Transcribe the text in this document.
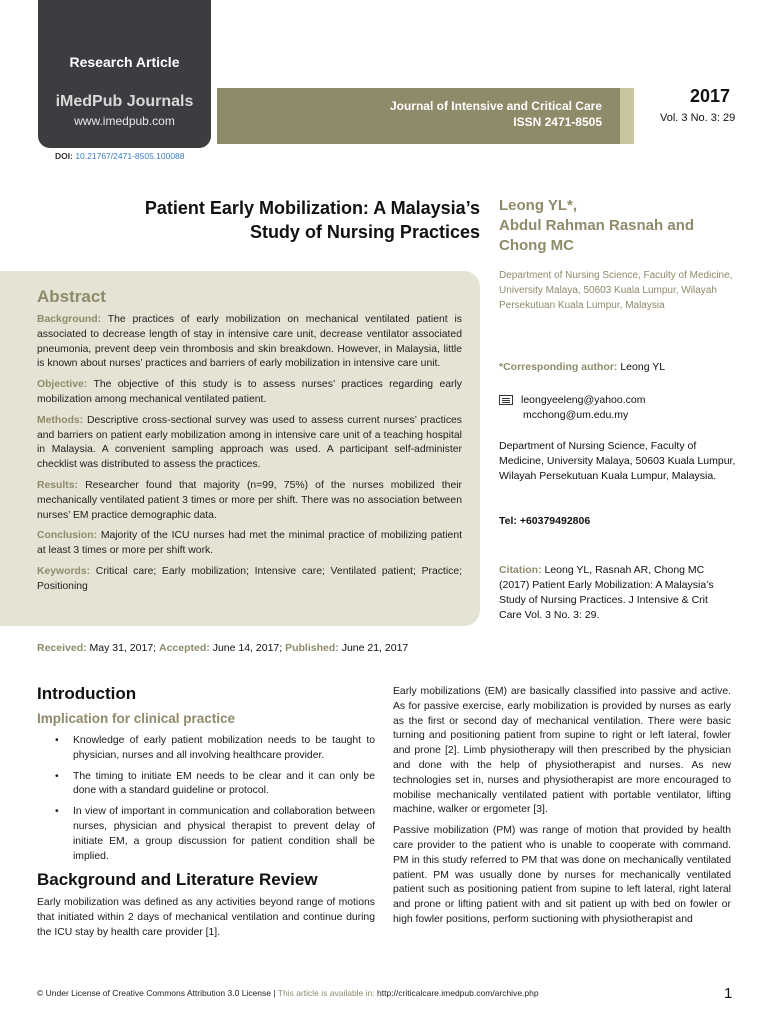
Research Article
iMedPub Journals
www.imedpub.com
DOI: 10.21767/2471-8505.100088
Journal of Intensive and Critical Care
ISSN 2471-8505
2017
Vol. 3 No. 3: 29
Patient Early Mobilization: A Malaysia’s
Study of Nursing Practices
Leong YL*,
Abdul Rahman Rasnah and
Chong MC
Department of Nursing Science, Faculty of Medicine, University Malaya, 50603 Kuala Lumpur, Wilayah Persekutuan Kuala Lumpur, Malaysia
*Corresponding author: Leong YL
leongyeeleng@yahoo.com
mcchong@um.edu.my
Department of Nursing Science, Faculty of Medicine, University Malaya, 50603 Kuala Lumpur, Wilayah Persekutuan Kuala Lumpur, Malaysia.
Tel: +60379492806
Citation: Leong YL, Rasnah AR, Chong MC (2017) Patient Early Mobilization: A Malaysia’s Study of Nursing Practices. J Intensive & Crit Care Vol. 3 No. 3: 29.
Abstract

Background: The practices of early mobilization on mechanical ventilated patient is associated to decrease length of stay in intensive care unit, decrease ventilator associated pneumonia, prevent deep vein thrombosis and skin breakdown. However, in Malaysia, little is known about nurses’ practices and barriers of early mobilization in intensive care unit.

Objective: The objective of this study is to assess nurses’ practices regarding early mobilization among mechanical ventilated patient.

Methods: Descriptive cross-sectional survey was used to assess current nurses’ practices and barriers on patient early mobilization among in intensive care unit of a teaching hospital in Malaysia. A convenient sampling approach was used. A participant self-administer checklist was distributed to assess the practices.

Results: Researcher found that majority (n=99, 75%) of the nurses mobilized their mechanically ventilated patient 3 times or more per shift. There was no association between nurses’ EM practice demographic data.

Conclusion: Majority of the ICU nurses had met the minimal practice of mobilizing patient at least 3 times or more per shift work.

Keywords: Critical care; Early mobilization; Intensive care; Ventilated patient; Practice; Positioning

Received: May 31, 2017; Accepted: June 14, 2017; Published: June 21, 2017
Introduction
Implication for clinical practice
• Knowledge of early patient mobilization needs to be taught to physician, nurses and all involving healthcare provider.
• The timing to initiate EM needs to be clear and it can only be done with a standard guideline or protocol.
• In view of important in communication and collaboration between nurses, physician and physical therapist to prevent delay of initiate EM, a group discussion for patient condition shall be implied.
Background and Literature Review

Early mobilization was defined as any activities beyond range of motions that initiated within 2 days of mechanical ventilation and continue during the ICU stay by health care provider [1].

Early mobilizations (EM) are basically classified into passive and active. As for passive exercise, early mobilization is provided by nurses as early as the first or second day of mechanical ventilation. There were basic turning and positioning patient from supine to right or left lateral, fowler and prone [2]. Limb physiotherapy will then prescribed by the physician and done with the help of physiotherapist and nurses. As new technologies set in, nurses and physiotherapist are more encouraged to mobilise mechanically ventilated patient with portable ventilator, lifting machine, walker or ergometer [3].

Passive mobilization (PM) was range of motion that provided by health care provider to the patient who is unable to cooperate with command. PM in this study referred to PM that was done on mechanically ventilated patient. PM was usually done by nurses for mechanically ventilated patient such as positioning patient from supine to left lateral, right lateral and prone or lifting patient with and sit patient up with bed on fowler or high fowler positions, perform suctioning with physiotherapist and

© Under License of Creative Commons Attribution 3.0 License | This article is available in: http://criticalcare.imedpub.com/archive.php	1
